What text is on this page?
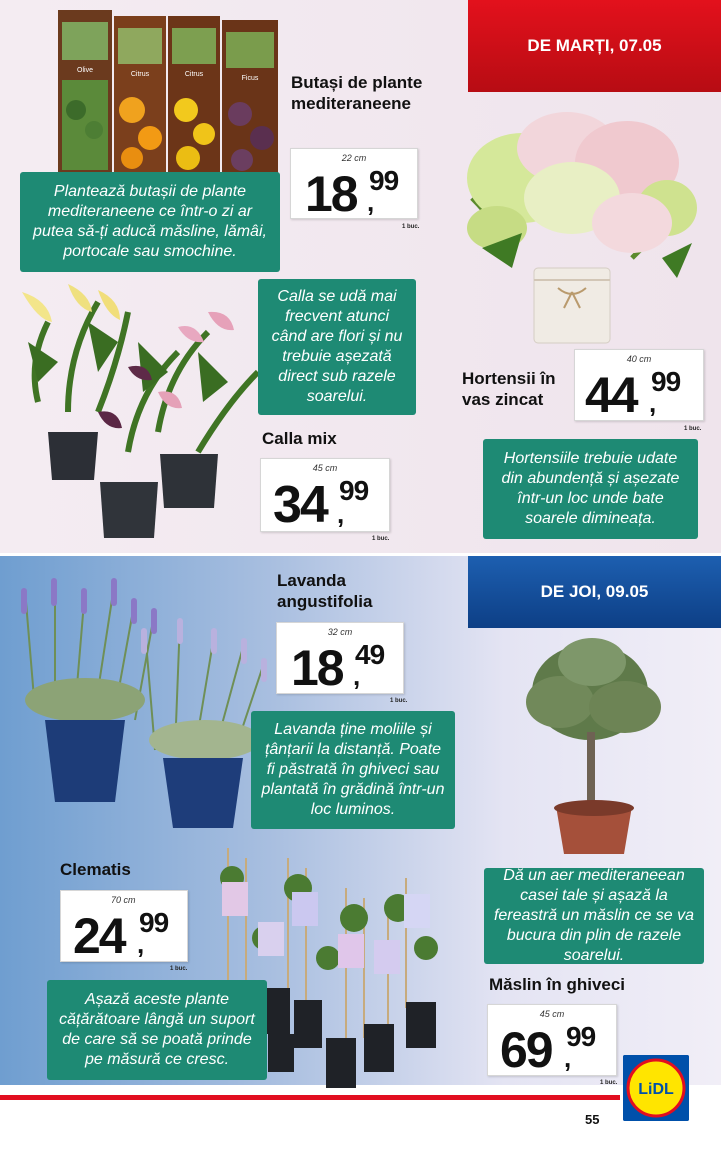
DE MARȚI, 07.05
DE JOI, 09.05
Olive
Citrus	Citrus
Ficus Butași de plante mediteraneene
22 cm
18 ,
99
1 buc.
Plantează butașii de plante mediteraneene ce într-o zi ar putea să-ți aducă măsline, lămâi, portocale sau smochine.
Hortensii în vas zincat
40 cm
44 ,
99
1 buc.
Hortensiile trebuie udate din abundență și așezate într-un loc unde bate soarele dimineața.
Calla se udă mai frecvent atunci când are flori și nu trebuie așezată direct sub razele soarelui.
Calla mix
45 cm
34 ,
99
1 buc.
Lavanda angustifolia
32 cm
18 ,
49
1 buc.
Lavanda ține moliile și țânțarii la distanță. Poate fi păstrată în ghiveci sau plantată în grădină într-un loc luminos.
Dă un aer mediteraneean casei tale și așază la fereastră un măslin ce se va bucura din plin de razele soarelui.
Măslin în ghiveci
45 cm
69 ,
99
1 buc.
Clematis
70 cm
24 ,
99
1 buc.
Așază aceste plante cățărătoare lângă un suport de care să se poată prinde pe măsură ce cresc.
55
LiDL
